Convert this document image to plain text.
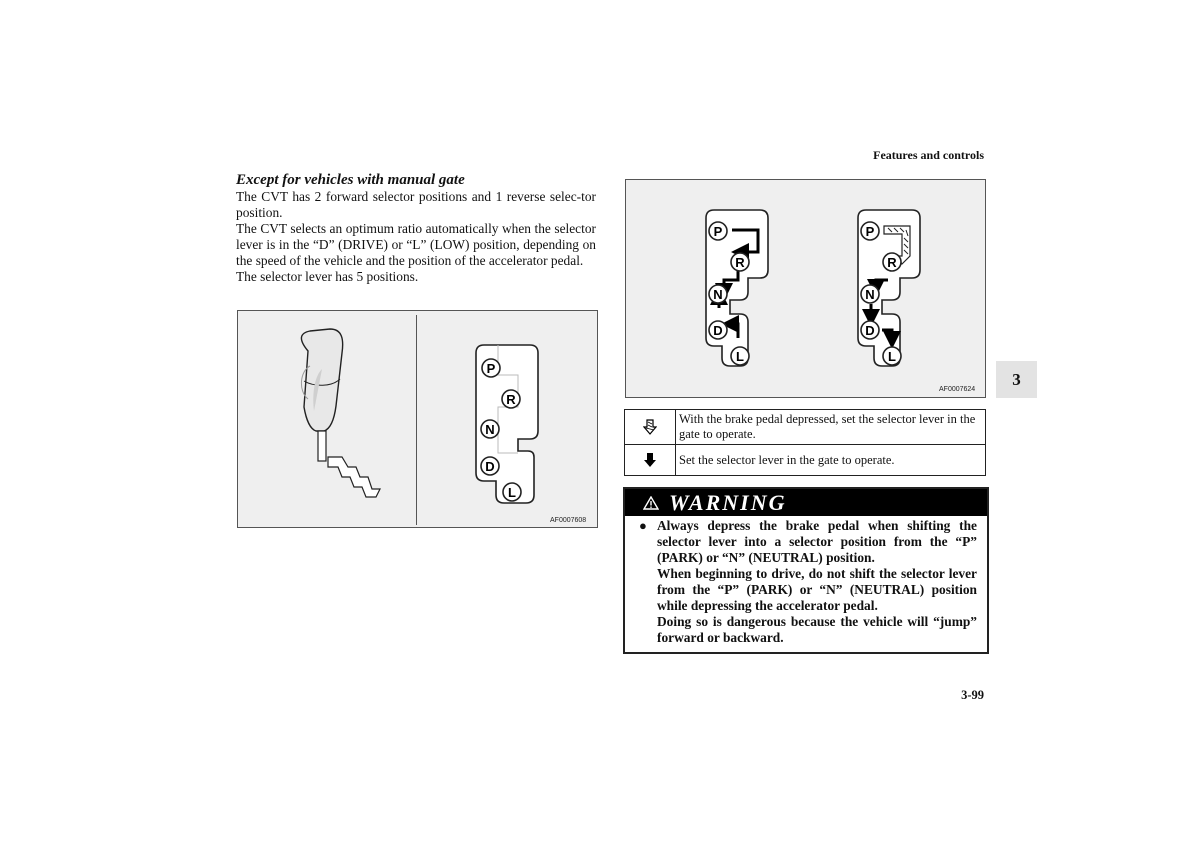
Features and controls

Except for vehicles with manual gate

The CVT has 2 forward selector positions and 1 reverse selec-tor position.

The CVT selects an optimum ratio automatically when the selector lever is in the “D” (DRIVE) or “L” (LOW) position, depending on the speed of the vehicle and the position of the accelerator pedal.

The selector lever has 5 positions.

P
R
N
D
L
AF0007608
P
R
N
D
L
P
R
N
D
L
AF0007624
With the brake pedal depressed, set the selector lever in the gate to operate.
Set the selector lever in the gate to operate.
WARNING
● Always depress the brake pedal when shifting the selector lever into a selector position from the “P” (PARK) or “N” (NEUTRAL) position.

When beginning to drive, do not shift the selector lever from the “P” (PARK) or “N” (NEUTRAL) position while depressing the accelerator pedal.

Doing so is dangerous because the vehicle will “jump” forward or backward.

3
3-99
